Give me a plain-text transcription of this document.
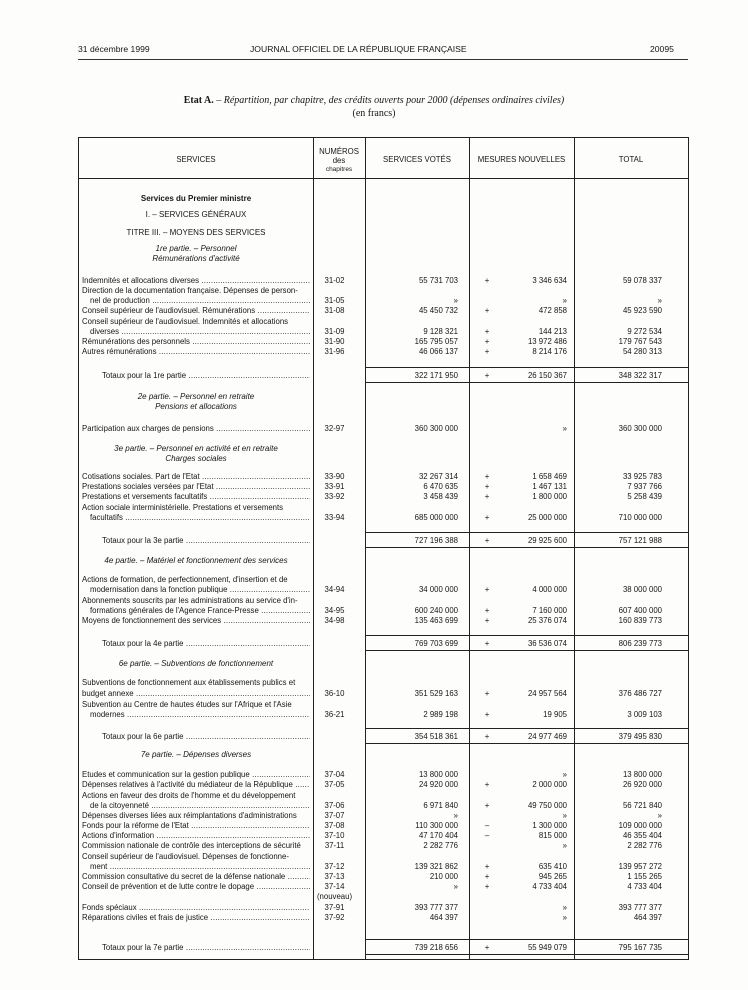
31 décembre 1999	JOURNAL OFFICIEL DE LA RÉPUBLIQUE FRANÇAISE	20095
Etat A. – Répartition, par chapitre, des crédits ouverts pour 2000 (dépenses ordinaires civiles)
(en francs)
SERVICES
NUMÉROS
des
chapitres
SERVICES VOTÉS	MESURES NOUVELLES	TOTAL
Services du Premier ministre
I. – SERVICES GÉNÉRAUX
TITRE III. – MOYENS DES SERVICES
1re partie. – Personnel
Rémunérations d'activité
Indemnités et allocations diverses .....	31-02	55 731 703	+	3 346 634	59 078 337
Direction de la documentation française. Dépenses de person-
nel de production .....	31-05	»	»	»
Conseil supérieur de l'audiovisuel. Rémunérations .....	31-08	45 450 732	+	472 858	45 923 590
Conseil supérieur de l'audiovisuel. Indemnités et allocations
diverses .....	31-09	9 128 321	+	144 213	9 272 534
Rémunérations des personnels .....	31-90	165 795 057	+	13 972 486	179 767 543
Autres rémunérations .....	31-96	46 066 137	+	8 214 176	54 280 313
Totaux pour la 1re partie .....	322 171 950	+	26 150 367	348 322 317
2e partie. – Personnel en retraite
Pensions et allocations
Participation aux charges de pensions .....	32-97	360 300 000	»	360 300 000
3e partie. – Personnel en activité et en retraite
Charges sociales
Cotisations sociales. Part de l'Etat .....	33-90	32 267 314	+	1 658 469	33 925 783
Prestations sociales versées par l'Etat .....	33-91	6 470 635	+	1 467 131	7 937 766
Prestations et versements facultatifs .....	33-92	3 458 439	+	1 800 000	5 258 439
Action sociale interministérielle. Prestations et versements
facultatifs .....	33-94	685 000 000	+	25 000 000	710 000 000
Totaux pour la 3e partie .....	727 196 388	+	29 925 600	757 121 988
4e partie. – Matériel et fonctionnement des services
Actions de formation, de perfectionnement, d'insertion et de
modernisation dans la fonction publique .....	34-94	34 000 000	+	4 000 000	38 000 000
Abonnements souscrits par les administrations au service d'in-
formations générales de l'Agence France-Presse .....	34-95	600 240 000	+	7 160 000	607 400 000
Moyens de fonctionnement des services .....	34-98	135 463 699	+	25 376 074	160 839 773
Totaux pour la 4e partie .....	769 703 699	+	36 536 074	806 239 773
6e partie. – Subventions de fonctionnement
Subventions de fonctionnement aux établissements publics et
budget annexe .....	36-10	351 529 163	+	24 957 564	376 486 727
Subvention au Centre de hautes études sur l'Afrique et l'Asie
modernes .....	36-21	2 989 198	+	19 905	3 009 103
Totaux pour la 6e partie .....	354 518 361	+	24 977 469	379 495 830
7e partie. – Dépenses diverses
Etudes et communication sur la gestion publique .....	37-04	13 800 000	»	13 800 000
Dépenses relatives à l'activité du médiateur de la République .....	37-05	24 920 000	+	2 000 000	26 920 000
Actions en faveur des droits de l'homme et du développement
de la citoyenneté .....	37-06	6 971 840	+	49 750 000	56 721 840
Dépenses diverses liées aux réimplantations d'administrations	37-07	»	»	»
Fonds pour la réforme de l'Etat .....	37-08	110 300 000	–	1 300 000	109 000 000
Actions d'information .....	37-10	47 170 404	–	815 000	46 355 404
Commission nationale de contrôle des interceptions de sécurité	37-11	2 282 776	»	2 282 776
Conseil supérieur de l'audiovisuel. Dépenses de fonctionne-
ment .....	37-12	139 321 862	+	635 410	139 957 272
Commission consultative du secret de la défense nationale .....	37-13	210 000	+	945 265	1 155 265
Conseil de prévention et de lutte contre le dopage .....	37-14	»	+	4 733 404	4 733 404
(nouveau)
Fonds spéciaux .....	37-91	393 777 377	»	393 777 377
Réparations civiles et frais de justice .....	37-92	464 397	»	464 397
Totaux pour la 7e partie .....	739 218 656	+	55 949 079	795 167 735
